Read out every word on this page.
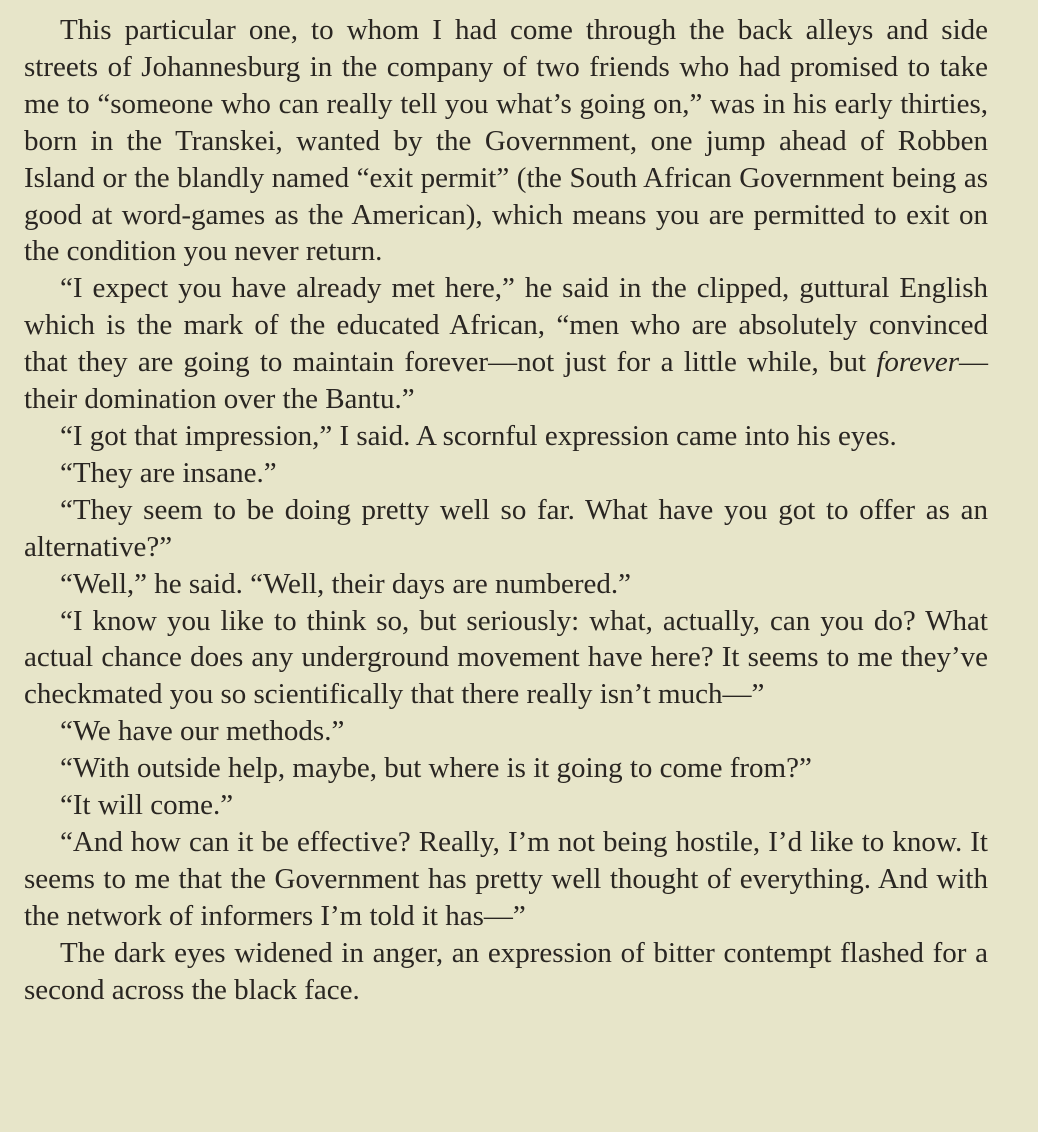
This particular one, to whom I had come through the back alleys and side streets of Johannesburg in the company of two friends who had promised to take me to “someone who can really tell you what’s going on,” was in his early thirties, born in the Transkei, wanted by the Government, one jump ahead of Robben Island or the blandly named “exit permit” (the South African Government being as good at word-games as the American), which means you are permitted to exit on the condition you never return.

“I expect you have already met here,” he said in the clipped, guttural English which is the mark of the educated African, “men who are absolutely convinced that they are going to maintain forever—not just for a little while, but forever—their domination over the Bantu.”

“I got that impression,” I said. A scornful expression came into his eyes.

“They are insane.”

“They seem to be doing pretty well so far. What have you got to offer as an alternative?”

“Well,” he said. “Well, their days are numbered.”

“I know you like to think so, but seriously: what, actually, can you do? What actual chance does any underground movement have here? It seems to me they’ve checkmated you so scientifically that there really isn’t much—”

“We have our methods.”

“With outside help, maybe, but where is it going to come from?”

“It will come.”

“And how can it be effective? Really, I’m not being hostile, I’d like to know. It seems to me that the Government has pretty well thought of everything. And with the network of informers I’m told it has—”

The dark eyes widened in anger, an expression of bitter contempt flashed for a second across the black face.
